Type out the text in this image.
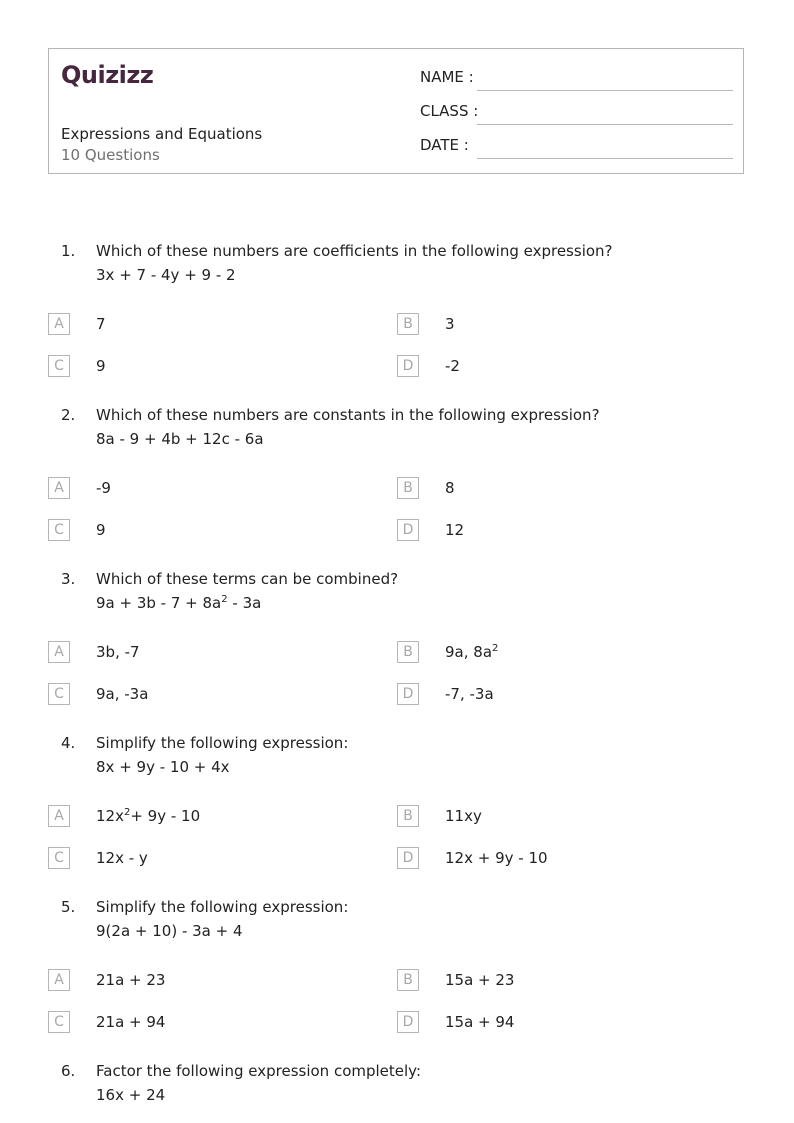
Quizizz
Expressions and Equations
10 Questions
NAME :
CLASS :
DATE :
1. Which of these numbers are coefficients in the following expression?
3x + 7 - 4y + 9 - 2
A	7	B	3
C	9	D	-2
2. Which of these numbers are constants in the following expression?
8a - 9 + 4b + 12c - 6a
A	-9	B	8
C	9	D	12
3. Which of these terms can be combined?
$9a + 3b - 7 + 8a^2 - 3a$
A	3b, -7	B	9a, $8a^2$
C	9a, -3a	D	-7, -3a
4. Simplify the following expression:
8x + 9y - 10 + 4x
A	$12x^2+ 9y - 10$	B	11xy
C	12x - y	D	12x + 9y - 10
5. Simplify the following expression:
9(2a + 10) - 3a + 4
A	21a + 23	B	15a + 23
C	21a + 94	D	15a + 94
6. Factor the following expression completely:
16x + 24
